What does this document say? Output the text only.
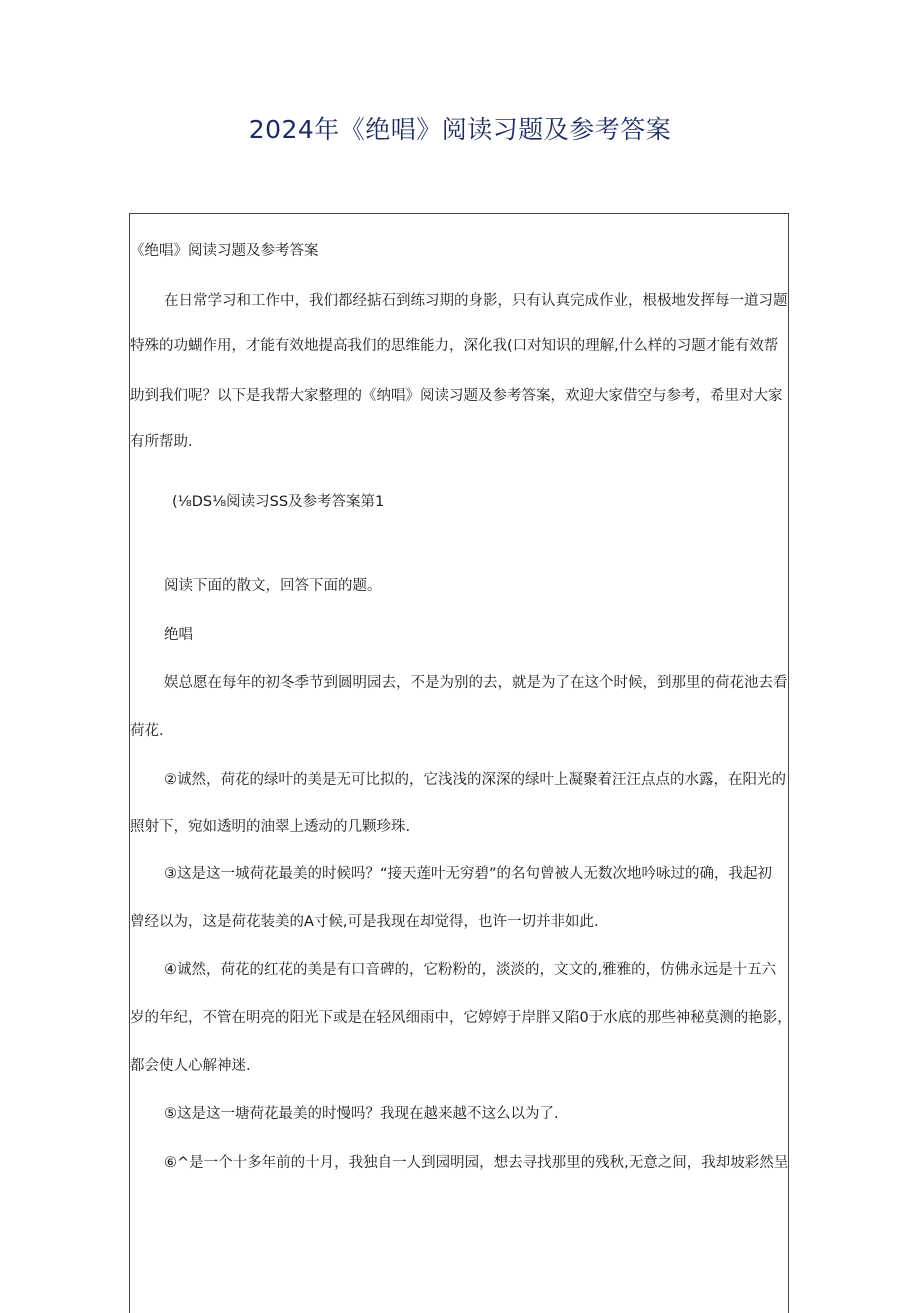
2024年《绝唱》阅读习题及参考答案
《绝唱》阅读习题及参考答案
在日常学习和工作中，我们都经掂石到练习期的身影，只有认真完成作业，根极地发挥每一道习题
特殊的功蝴作用，才能有效地提高我们的思维能力，深化我(口对知识的理解,什么样的习题才能有效帮
助到我们呢？以下是我帮大家整理的《纳唱》阅读习题及参考答案，欢迎大家借空与参考，希里对大家
有所帮助.
(⅛DS⅛阅读习SS及参考答案第1
阅读下面的散文，回答下面的题。
绝唱
娱总愿在每年的初冬季节到圆明园去，不是为别的去，就是为了在这个时候，到那里的荷花池去看
荷花.
②诚然，荷花的绿叶的美是无可比拟的，它浅浅的深深的绿叶上凝聚着汪汪点点的水露，在阳光的
照射下，宛如透明的油翠上透动的几颗珍珠.
③这是这一城荷花最美的时候吗？“接天莲叶无穷碧”的名句曾被人无数次地吟咏过的确，我起初
曾经以为，这是荷花装美的A寸候,可是我现在却觉得，也许一切并非如此.
④诚然，荷花的红花的美是有口音碑的，它粉粉的，淡淡的，文文的,雅雅的，仿佛永远是十五六
岁的年纪，不管在明亮的阳光下或是在轻风细雨中，它婷婷于岸胖又陷0于水底的那些神秘莫测的艳影，
都会使人心解神迷.
⑤这是这一塘荷花最美的时慢吗？我现在越来越不这么以为了.
⑥^是一个十多年前的十月，我独自一人到园明园，想去寻找那里的残秋,无意之间，我却坡彩然呈
